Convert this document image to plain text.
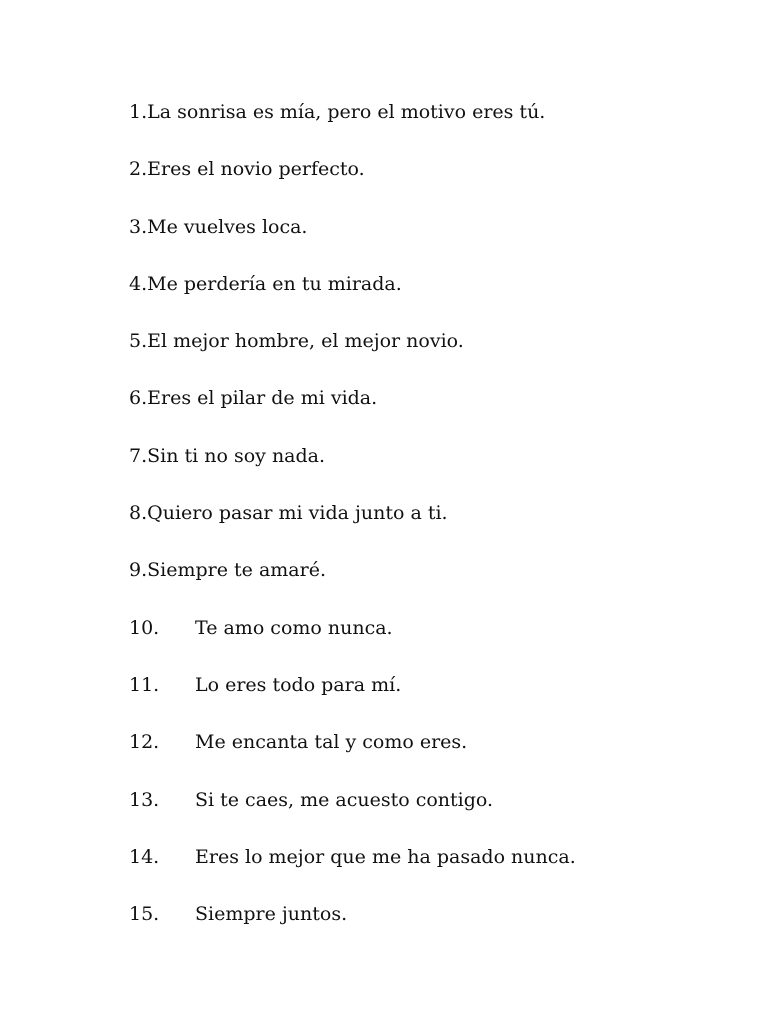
1. La sonrisa es mía, pero el motivo eres tú.
2. Eres el novio perfecto.
3. Me vuelves loca.
4. Me perdería en tu mirada.
5. El mejor hombre, el mejor novio.
6. Eres el pilar de mi vida.
7. Sin ti no soy nada.
8. Quiero pasar mi vida junto a ti.
9. Siempre te amaré.
10.	Te amo como nunca.
11.	Lo eres todo para mí.
12.	Me encanta tal y como eres.
13.	Si te caes, me acuesto contigo.
14.	Eres lo mejor que me ha pasado nunca.
15.	Siempre juntos.
